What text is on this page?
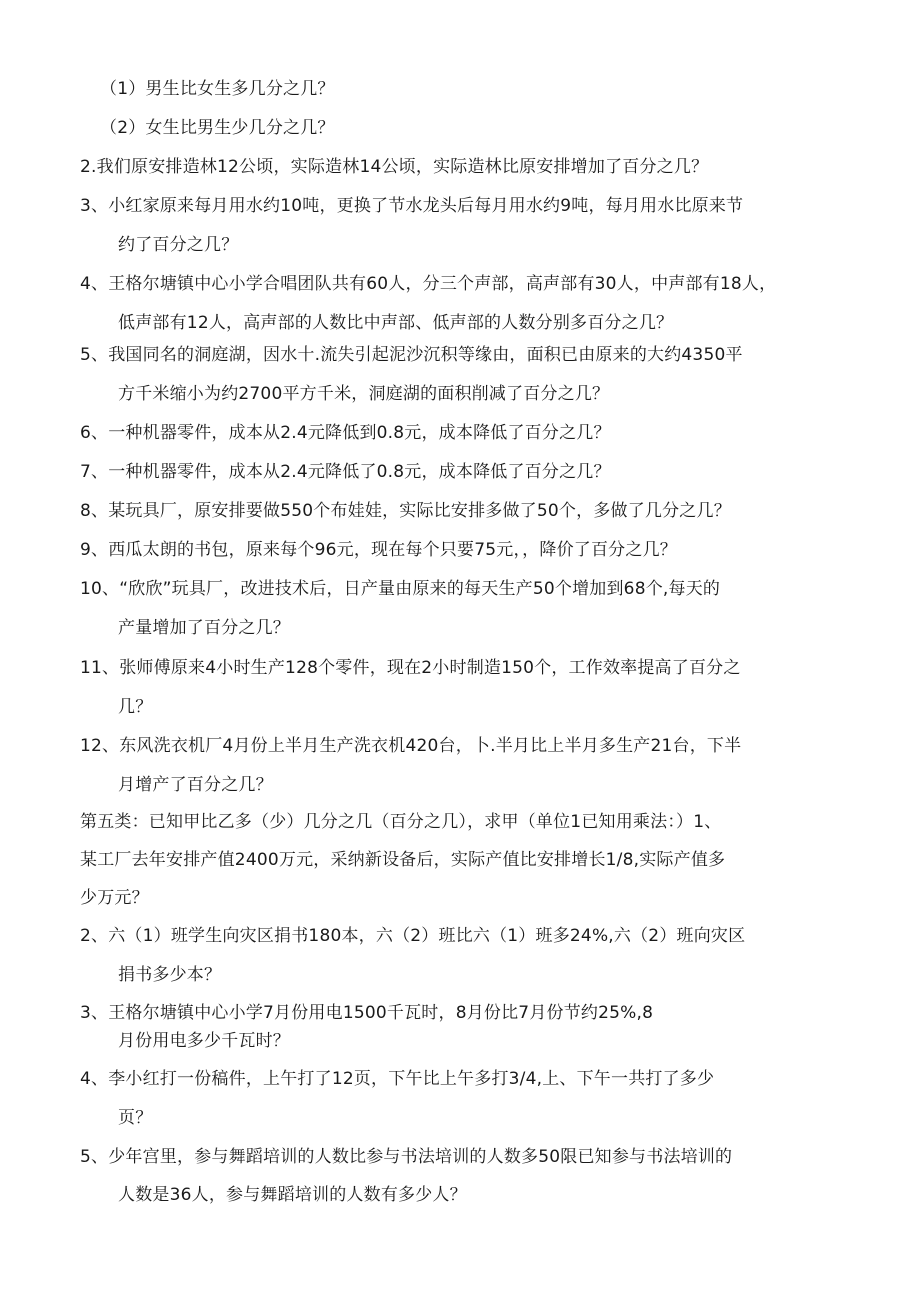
（1）男生比女生多几分之几？
（2）女生比男生少几分之几？
2.我们原安排造林12公顷，实际造林14公顷，实际造林比原安排增加了百分之几？
3、小红家原来每月用水约10吨，更换了节水龙头后每月用水约9吨，每月用水比原来节
约了百分之几？
4、王格尔塘镇中心小学合唱团队共有60人，分三个声部，高声部有30人，中声部有18人，
低声部有12人，高声部的人数比中声部、低声部的人数分别多百分之几？
5、我国同名的洞庭湖，因水十.流失引起泥沙沉积等缘由，面积已由原来的大约4350平
方千米缩小为约2700平方千米，洞庭湖的面积削减了百分之几？
6、一种机器零件，成本从2.4元降低到0.8元，成本降低了百分之几？
7、一种机器零件，成本从2.4元降低了0.8元，成本降低了百分之几？
8、某玩具厂，原安排要做550个布娃娃，实际比安排多做了50个，多做了几分之几？
9、西瓜太朗的书包，原来每个96元，现在每个只要75元，，降价了百分之几？
10、“欣欣”玩具厂，改进技术后，日产量由原来的每天生产50个增加到68个,每天的
产量增加了百分之几？
11、张师傅原来4小时生产128个零件，现在2小时制造150个，工作效率提高了百分之
几？
12、东风洗衣机厂4月份上半月生产洗衣机420台，卜.半月比上半月多生产21台，下半
月增产了百分之几？
第五类：已知甲比乙多（少）几分之几（百分之几），求甲（单位1已知用乘法：）1、
某工厂去年安排产值2400万元，采纳新设备后，实际产值比安排增长1/8,实际产值多
少万元？
2、六（1）班学生向灾区捐书180本，六（2）班比六（1）班多24%,六（2）班向灾区
捐书多少本？
3、王格尔塘镇中心小学7月份用电1500千瓦时，8月份比7月份节约25%,8
月份用电多少千瓦时？
4、李小红打一份稿件，上午打了12页，下午比上午多打3/4,上、下午一共打了多少
页？
5、少年宫里，参与舞蹈培训的人数比参与书法培训的人数多50限已知参与书法培训的
人数是36人，参与舞蹈培训的人数有多少人？
